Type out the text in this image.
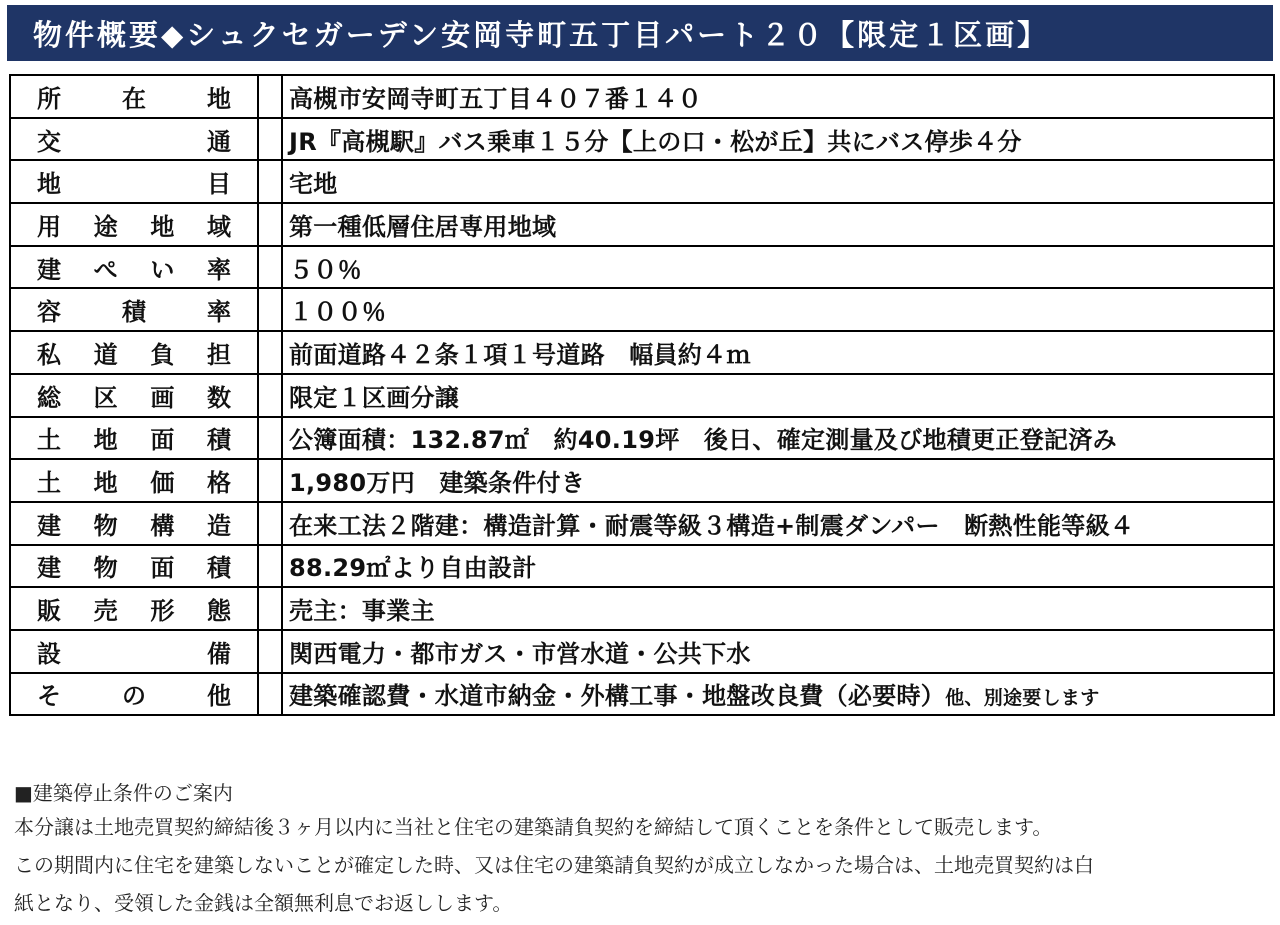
物件概要◆シュクセガーデン安岡寺町五丁目パート２０【限定１区画】
所 在 地		高槻市安岡寺町五丁目４０７番１４０

交 通		JR『高槻駅』バス乗車１５分【上の口・松が丘】共にバス停歩４分

地 目		宅地

用 途 地 域		第一種低層住居専用地域

建 ぺ い 率		５０％

容 積 率		１００％

私 道 負 担		前面道路４２条１項１号道路　幅員約４ｍ

総 区 画 数		限定１区画分譲

土 地 面 積		公簿面積：132.87㎡　約40.19坪　後日、確定測量及び地積更正登記済み

土 地 価 格		1,980万円　建築条件付き

建 物 構 造		在来工法２階建：構造計算・耐震等級３構造+制震ダンパー　断熱性能等級４

建 物 面 積		88.29㎡より自由設計

販 売 形 態		売主：事業主

設 備		関西電力・都市ガス・市営水道・公共下水

そ の 他		建築確認費・水道市納金・外構工事・地盤改良費（必要時）他、別途要します

■建築停止条件のご案内

本分譲は土地売買契約締結後３ヶ月以内に当社と住宅の建築請負契約を締結して頂くことを条件として販売します。

この期間内に住宅を建築しないことが確定した時、又は住宅の建築請負契約が成立しなかった場合は、土地売買契約は白

紙となり、受領した金銭は全額無利息でお返しします。
